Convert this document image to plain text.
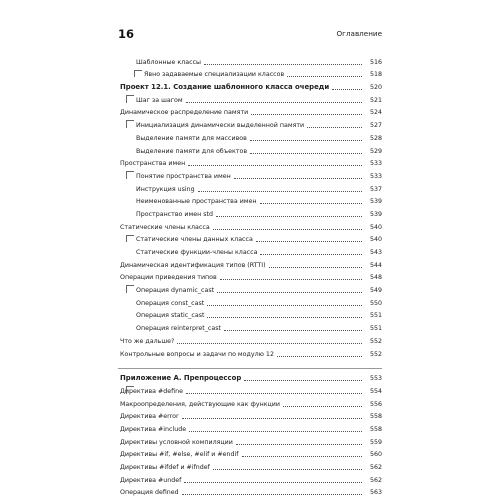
16	Оглавление
Шаблонные классы	516
Явно задаваемые специализации классов	518
Проект 12.1. Создание шаблонного класса очереди	520
Шаг за шагом	521
Динамическое распределение памяти	524
Инициализация динамически выделенной памяти	527
Выделение памяти для массивов	528
Выделение памяти для объектов	529
Пространства имен	533
Понятие пространства имен	533
Инструкция using	537
Неименованные пространства имен	539
Пространство имен std	539
Статические члены класса	540
Статические члены данных класса	540
Статические функции-члены класса	543
Динамическая идентификация типов (RTTI)	544
Операции приведения типов	548
Операция dynamic_cast	549
Операция const_cast	550
Операция static_cast	551
Операция reinterpret_cast	551
Что же дальше?	552
Контрольные вопросы и задачи по модулю 12	552
Приложение А. Препроцессор	553
Директива #define	554
Макроопределения, действующие как функции	556
Директива #error	558
Директива #include	558
Директивы условной компиляции	559
Директивы #if, #else, #elif и #endif	560
Директивы #ifdef и #ifndef	562
Директива #undef	562
Операция defined	563
